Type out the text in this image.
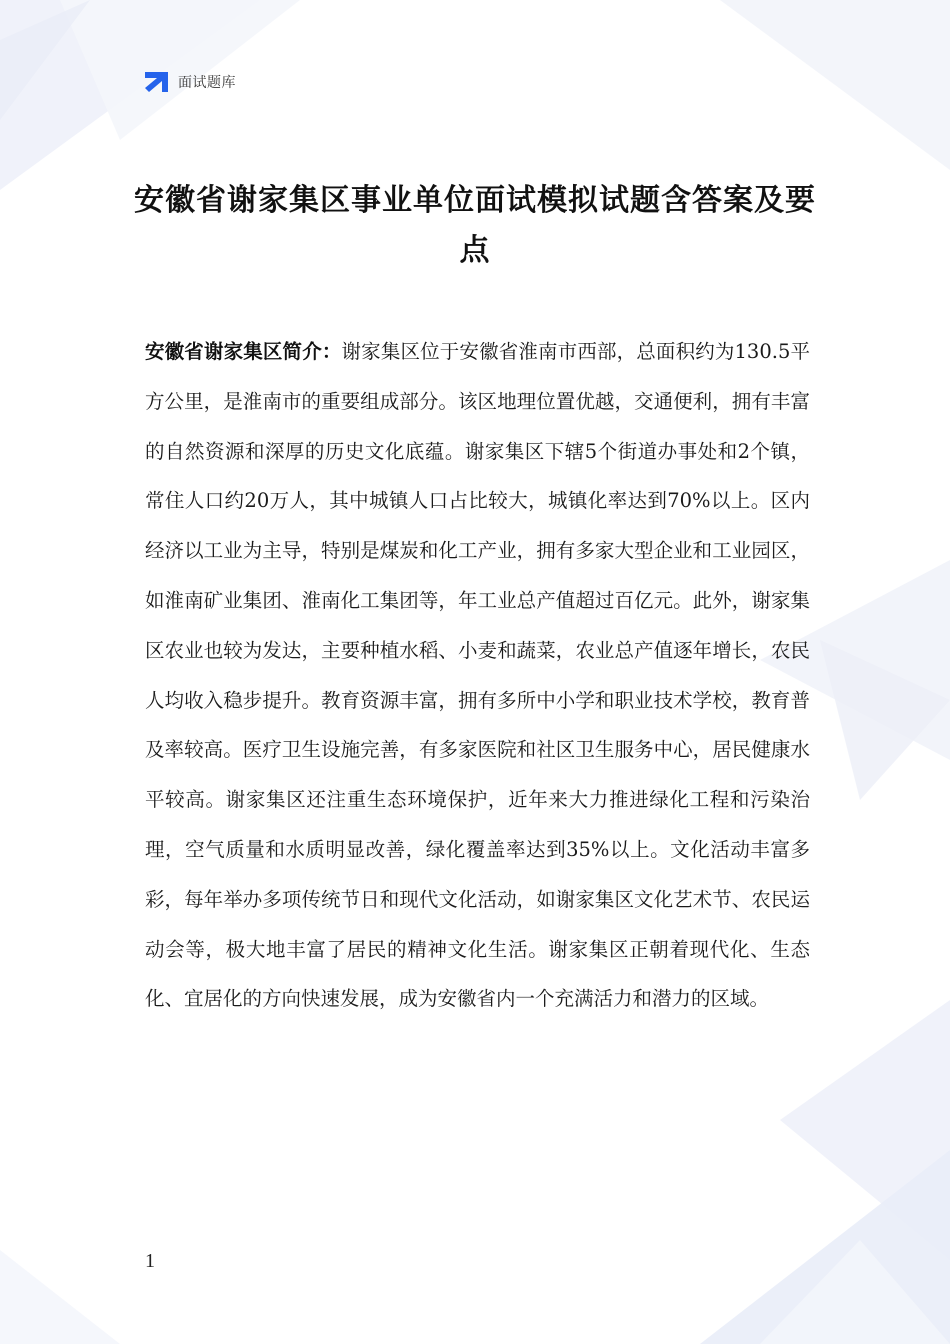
面试题库
安徽省谢家集区事业单位面试模拟试题含答案及要点

安徽省谢家集区简介：谢家集区位于安徽省淮南市西部，总面积约为130.5平方公里，是淮南市的重要组成部分。该区地理位置优越，交通便利，拥有丰富的自然资源和深厚的历史文化底蕴。谢家集区下辖5个街道办事处和2个镇，常住人口约20万人，其中城镇人口占比较大，城镇化率达到70%以上。区内经济以工业为主导，特别是煤炭和化工产业，拥有多家大型企业和工业园区，如淮南矿业集团、淮南化工集团等，年工业总产值超过百亿元。此外，谢家集区农业也较为发达，主要种植水稻、小麦和蔬菜，农业总产值逐年增长，农民人均收入稳步提升。教育资源丰富，拥有多所中小学和职业技术学校，教育普及率较高。医疗卫生设施完善，有多家医院和社区卫生服务中心，居民健康水平较高。谢家集区还注重生态环境保护，近年来大力推进绿化工程和污染治理，空气质量和水质明显改善，绿化覆盖率达到35%以上。文化活动丰富多彩，每年举办多项传统节日和现代文化活动，如谢家集区文化艺术节、农民运动会等，极大地丰富了居民的精神文化生活。谢家集区正朝着现代化、生态化、宜居化的方向快速发展，成为安徽省内一个充满活力和潜力的区域。

1
